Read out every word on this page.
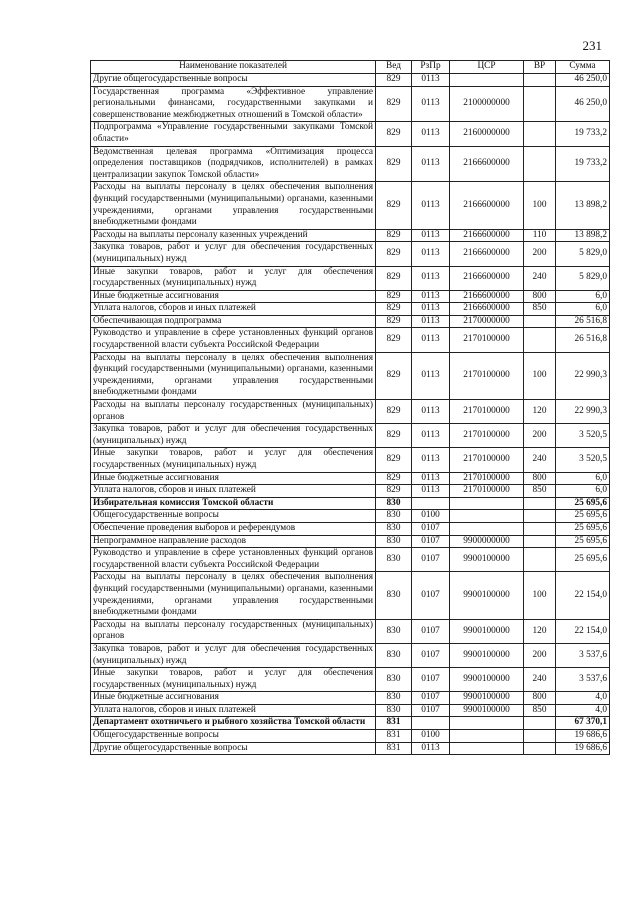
231
Наименование показателей	Вед	РзПр	ЦСР	ВР	Сумма
Другие общегосударственные вопросы	829	0113			46 250,0
Государственная программа «Эффективное управление региональными финансами, государственными закупками и совершенствование межбюджетных отношений в Томской области»	829	0113	2100000000		46 250,0
Подпрограмма «Управление государственными закупками Томской области»	829	0113	2160000000		19 733,2
Ведомственная целевая программа «Оптимизация процесса определения поставщиков (подрядчиков, исполнителей) в рамках централизации закупок Томской области»	829	0113	2166600000		19 733,2
Расходы на выплаты персоналу в целях обеспечения выполнения функций государственными (муниципальными) органами, казенными учреждениями, органами управления государственными внебюджетными фондами	829	0113	2166600000	100	13 898,2
Расходы на выплаты персоналу казенных учреждений	829	0113	2166600000	110	13 898,2
Закупка товаров, работ и услуг для обеспечения государственных (муниципальных) нужд	829	0113	2166600000	200	5 829,0
Иные закупки товаров, работ и услуг для обеспечения государственных (муниципальных) нужд	829	0113	2166600000	240	5 829,0
Иные бюджетные ассигнования	829	0113	2166600000	800	6,0
Уплата налогов, сборов и иных платежей	829	0113	2166600000	850	6,0
Обеспечивающая подпрограмма	829	0113	2170000000		26 516,8
Руководство и управление в сфере установленных функций органов государственной власти субъекта Российской Федерации	829	0113	2170100000		26 516,8
Расходы на выплаты персоналу в целях обеспечения выполнения функций государственными (муниципальными) органами, казенными учреждениями, органами управления государственными внебюджетными фондами	829	0113	2170100000	100	22 990,3
Расходы на выплаты персоналу государственных (муниципальных) органов	829	0113	2170100000	120	22 990,3
Закупка товаров, работ и услуг для обеспечения государственных (муниципальных) нужд	829	0113	2170100000	200	3 520,5
Иные закупки товаров, работ и услуг для обеспечения государственных (муниципальных) нужд	829	0113	2170100000	240	3 520,5
Иные бюджетные ассигнования	829	0113	2170100000	800	6,0
Уплата налогов, сборов и иных платежей	829	0113	2170100000	850	6,0
Избирательная комиссия Томской области	830				25 695,6
Общегосударственные вопросы	830	0100			25 695,6
Обеспечение проведения выборов и референдумов	830	0107			25 695,6
Непрограммное направление расходов	830	0107	9900000000		25 695,6
Руководство и управление в сфере установленных функций органов государственной власти субъекта Российской Федерации	830	0107	9900100000		25 695,6
Расходы на выплаты персоналу в целях обеспечения выполнения функций государственными (муниципальными) органами, казенными учреждениями, органами управления государственными внебюджетными фондами	830	0107	9900100000	100	22 154,0
Расходы на выплаты персоналу государственных (муниципальных) органов	830	0107	9900100000	120	22 154,0
Закупка товаров, работ и услуг для обеспечения государственных (муниципальных) нужд	830	0107	9900100000	200	3 537,6
Иные закупки товаров, работ и услуг для обеспечения государственных (муниципальных) нужд	830	0107	9900100000	240	3 537,6
Иные бюджетные ассигнования	830	0107	9900100000	800	4,0
Уплата налогов, сборов и иных платежей	830	0107	9900100000	850	4,0
Департамент охотничьего и рыбного хозяйства Томской области	831				67 370,1
Общегосударственные вопросы	831	0100			19 686,6
Другие общегосударственные вопросы	831	0113			19 686,6
